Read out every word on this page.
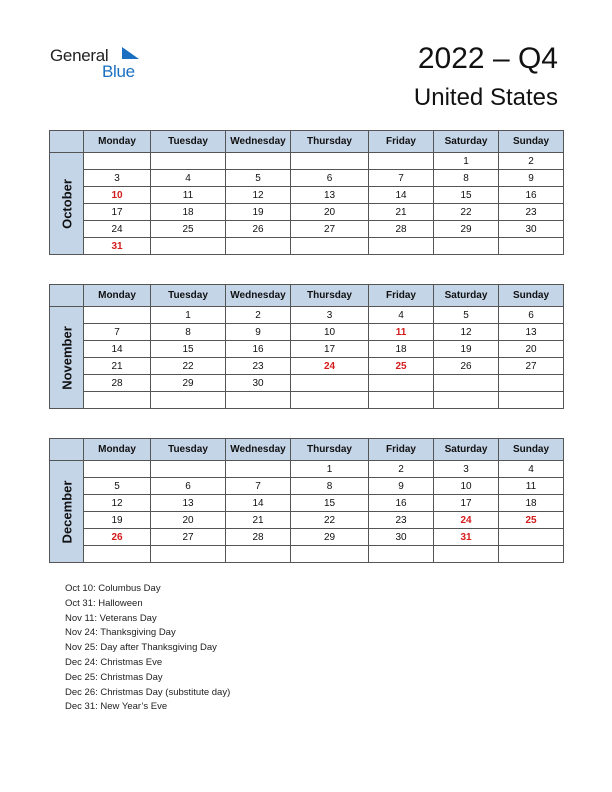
General
Blue	2022 – Q4
United States
	Monday	Tuesday	Wednesday	Thursday	Friday	Saturday	Sunday

October						1	2
	3	4	5	6	7	8	9
	10	11	12	13	14	15	16
	17	18	19	20	21	22	23
	24	25	26	27	28	29	30
	31						
	Monday	Tuesday	Wednesday	Thursday	Friday	Saturday	Sunday

November		1	2	3	4	5	6
	7	8	9	10	11	12	13
	14	15	16	17	18	19	20
	21	22	23	24	25	26	27
	28	29	30				

	Monday	Tuesday	Wednesday	Thursday	Friday	Saturday	Sunday

December				1	2	3	4
	5	6	7	8	9	10	11
	12	13	14	15	16	17	18
	19	20	21	22	23	24	25
	26	27	28	29	30	31	

Oct 10: Columbus Day
Oct 31: Halloween
Nov 11: Veterans Day
Nov 24: Thanksgiving Day
Nov 25: Day after Thanksgiving Day
Dec 24: Christmas Eve
Dec 25: Christmas Day
Dec 26: Christmas Day (substitute day)
Dec 31: New Year’s Eve
